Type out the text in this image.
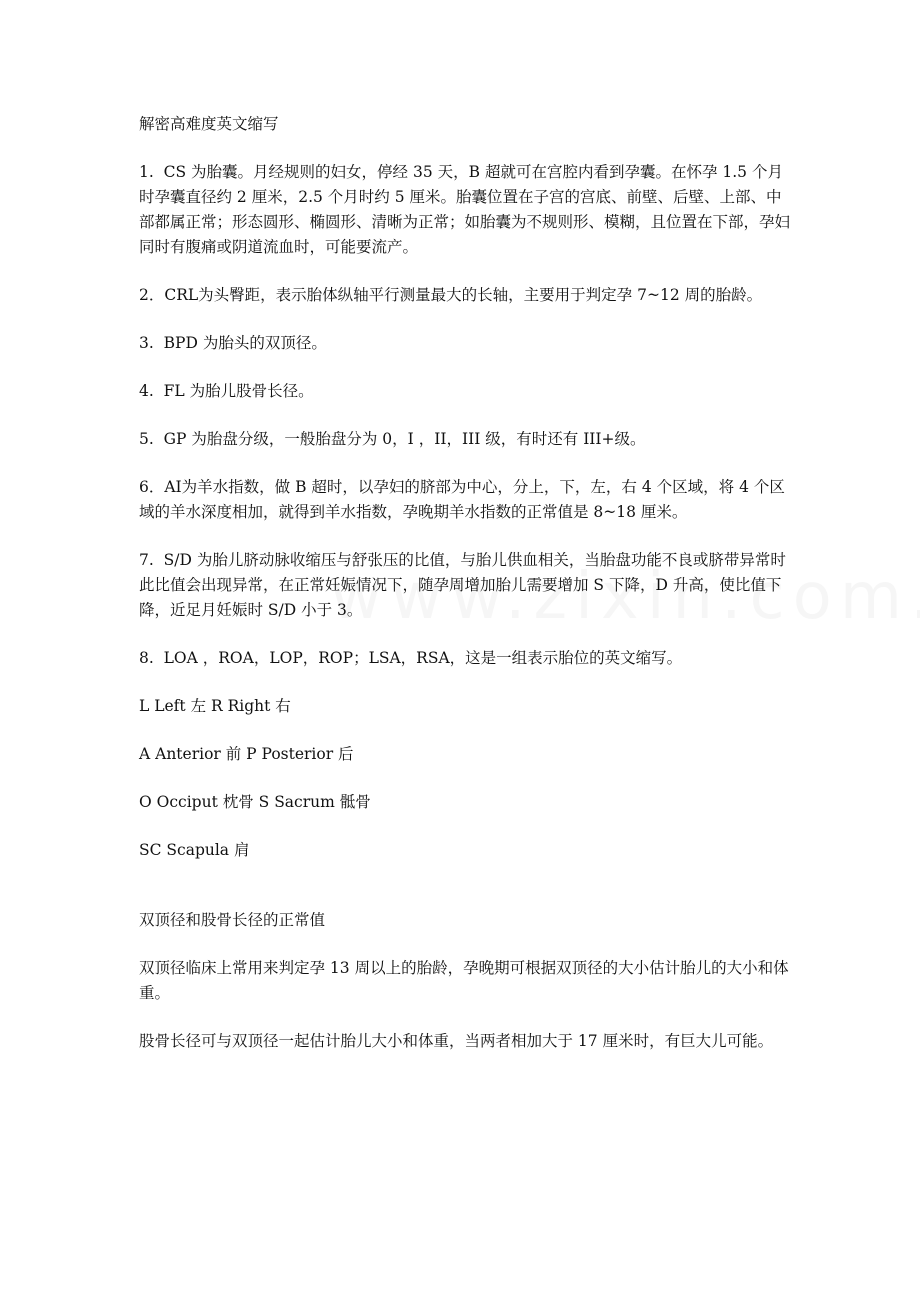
解密高难度英文缩写

1.  CS 为胎囊。月经规则的妇女，停经 35 天，B 超就可在宫腔内看到孕囊。在怀孕 1.5 个月时孕囊直径约 2 厘米，2.5 个月时约 5 厘米。胎囊位置在子宫的宫底、前壁、后壁、上部、中部都属正常；形态圆形、椭圆形、清晰为正常；如胎囊为不规则形、模糊，且位置在下部，孕妇同时有腹痛或阴道流血时，可能要流产。

2．CRL为头臀距，表示胎体纵轴平行测量最大的长轴，主要用于判定孕 7~12 周的胎龄。

3.  BPD 为胎头的双顶径。

4.  FL 为胎儿股骨长径。

5.  GP 为胎盘分级，一般胎盘分为 0，I ，II，III 级，有时还有 III+级。

6．AI为羊水指数，做 B 超时，以孕妇的脐部为中心，分上，下，左，右 4 个区域，将 4 个区域的羊水深度相加，就得到羊水指数，孕晚期羊水指数的正常值是 8~18 厘米。

7.  S/D 为胎儿脐动脉收缩压与舒张压的比值，与胎儿供血相关，当胎盘功能不良或脐带异常时此比值会出现异常，在正常妊娠情况下，随孕周增加胎儿需要增加 S 下降，D 升高，使比值下降，近足月妊娠时 S/D 小于 3。

8.  LOA ，ROA，LOP，ROP；LSA，RSA，这是一组表示胎位的英文缩写。

L Left 左 R Right 右

A Anterior 前 P Posterior 后

O Occiput 枕骨 S Sacrum 骶骨

SC Scapula 肩

双顶径和股骨长径的正常值

双顶径临床上常用来判定孕 13 周以上的胎龄，孕晚期可根据双顶径的大小估计胎儿的大小和体重。

股骨长径可与双顶径一起估计胎儿大小和体重，当两者相加大于 17 厘米时，有巨大儿可能。
